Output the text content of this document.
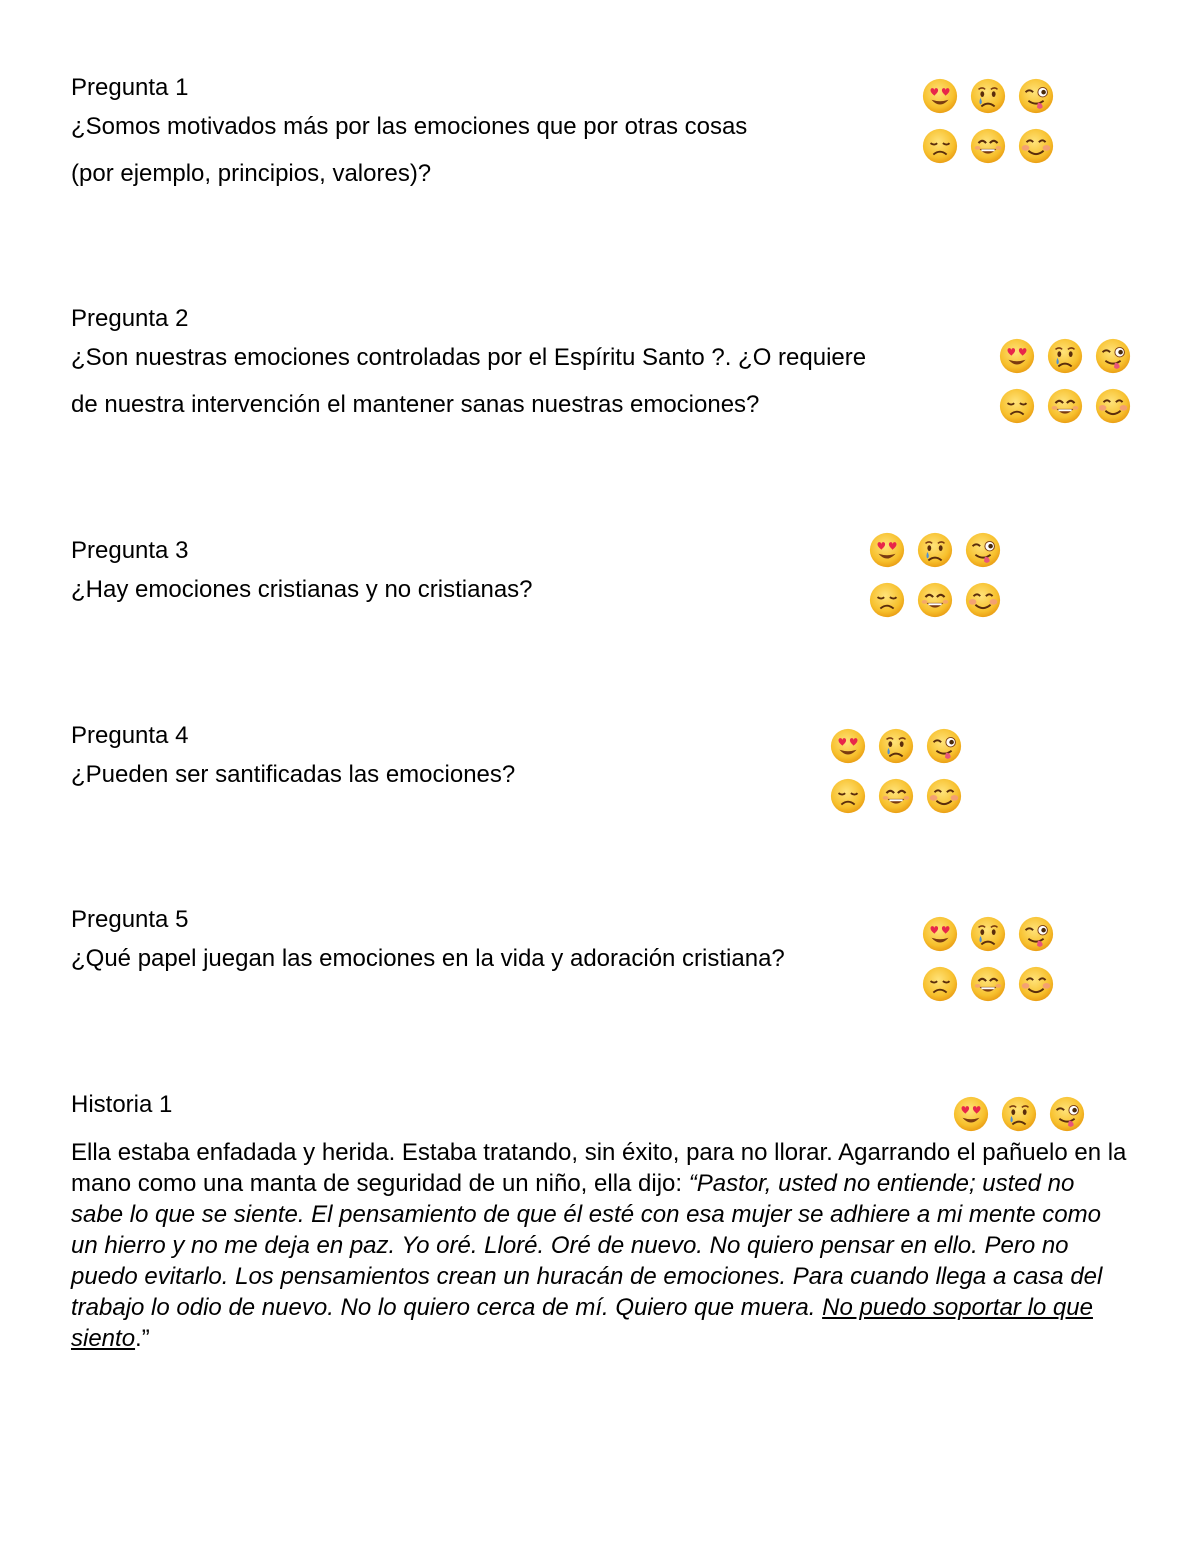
Pregunta 1

¿Somos motivados más por las emociones que por otras cosas

(por ejemplo, principios, valores)?

Pregunta 2

¿Son nuestras emociones controladas por el Espíritu Santo ?. ¿O requiere

de nuestra intervención el mantener sanas nuestras emociones?

Pregunta 3

¿Hay emociones cristianas y no cristianas?

Pregunta 4

¿Pueden ser santificadas las emociones?

Pregunta 5

¿Qué papel juegan las emociones en la vida y adoración cristiana?

Historia 1

Ella estaba enfadada y herida. Estaba tratando, sin éxito, para no llorar. Agarrando el pañuelo en la mano como una manta de seguridad de un niño, ella dijo: “Pastor, usted no entiende; usted no sabe lo que se siente. El pensamiento de que él esté con esa mujer se adhiere a mi mente como un hierro y no me deja en paz. Yo oré. Lloré. Oré de nuevo. No quiero pensar en ello. Pero no puedo evitarlo. Los pensamientos crean un huracán de emociones. Para cuando llega a casa del trabajo lo odio de nuevo. No lo quiero cerca de mí. Quiero que muera. No puedo soportar lo que siento.”
